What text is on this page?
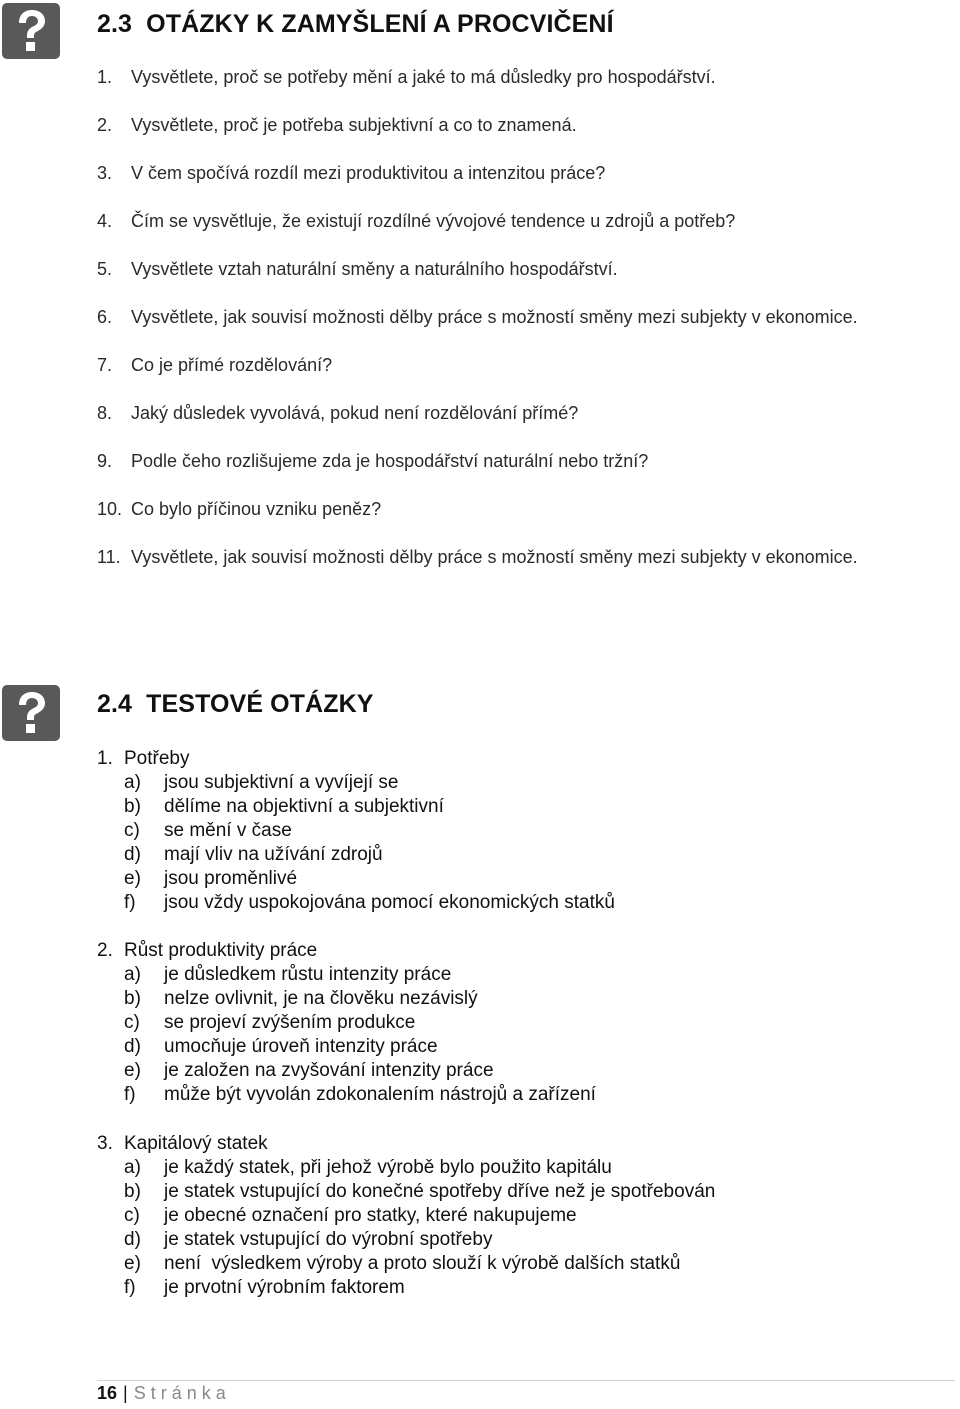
2.3 OTÁZKY K ZAMYŠLENÍ A PROCVIČENÍ
1. Vysvětlete, proč se potřeby mění a jaké to má důsledky pro hospodářství.
2. Vysvětlete, proč je potřeba subjektivní a co to znamená.
3. V čem spočívá rozdíl mezi produktivitou a intenzitou práce?
4. Čím se vysvětluje, že existují rozdílné vývojové tendence u zdrojů a potřeb?
5. Vysvětlete vztah naturální směny a naturálního hospodářství.
6. Vysvětlete, jak souvisí možnosti dělby práce s možností směny mezi subjekty v ekonomice.
7. Co je přímé rozdělování?
8. Jaký důsledek vyvolává, pokud není rozdělování přímé?
9. Podle čeho rozlišujeme zda je hospodářství naturální nebo tržní?
10. Co bylo příčinou vzniku peněz?
11. Vysvětlete, jak souvisí možnosti dělby práce s možností směny mezi subjekty v ekonomice.
2.4 TESTOVÉ OTÁZKY
1. Potřeby
a) jsou subjektivní a vyvíjejí se
b) dělíme na objektivní a subjektivní
c) se mění v čase
d) mají vliv na užívání zdrojů
e) jsou proměnlivé
f) jsou vždy uspokojována pomocí ekonomických statků
2. Růst produktivity práce
a) je důsledkem růstu intenzity práce
b) nelze ovlivnit, je na člověku nezávislý
c) se projeví zvýšením produkce
d) umocňuje úroveň intenzity práce
e) je založen na zvyšování intenzity práce
f) může být vyvolán zdokonalením nástrojů a zařízení
3. Kapitálový statek
a) je každý statek, při jehož výrobě bylo použito kapitálu
b) je statek vstupující do konečné spotřeby dříve než je spotřebován
c) je obecné označení pro statky, které nakupujeme
d) je statek vstupující do výrobní spotřeby
e) není  výsledkem výroby a proto slouží k výrobě dalších statků
f) je prvotní výrobním faktorem
16 | Stránka
